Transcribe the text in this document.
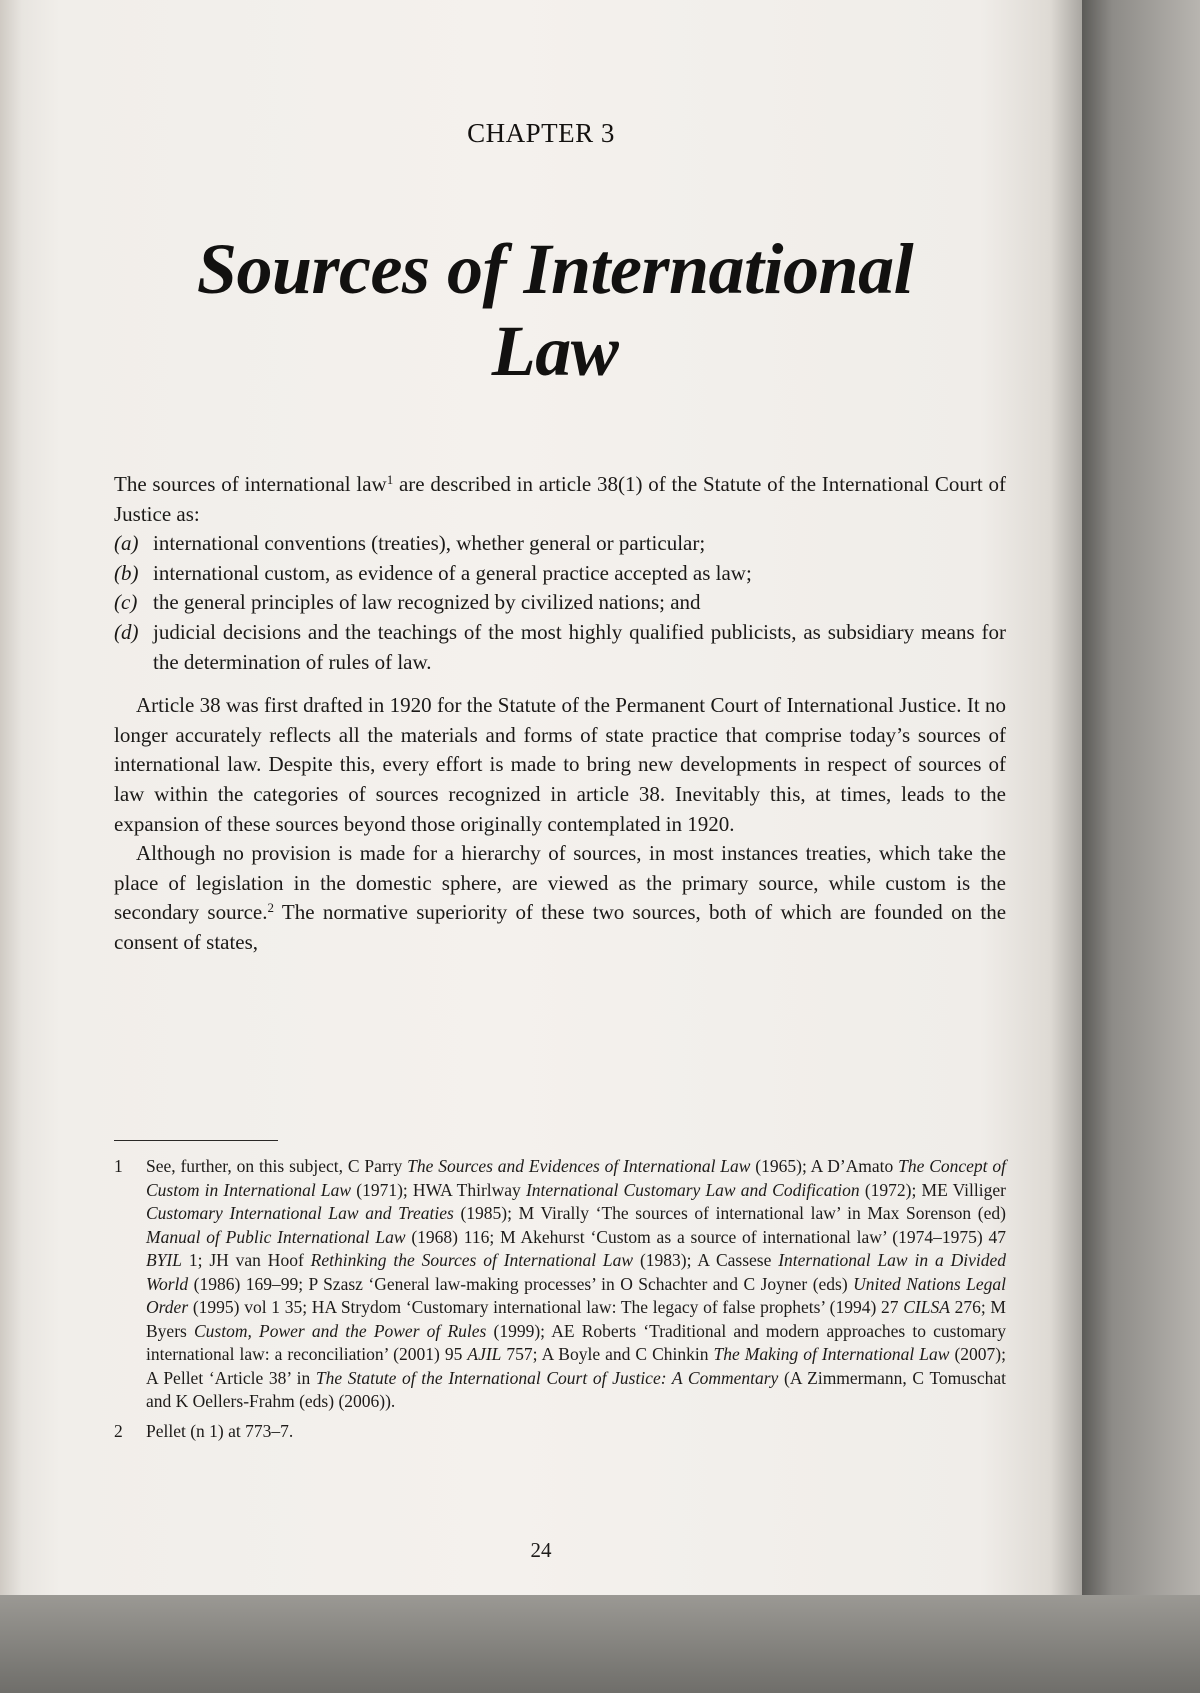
CHAPTER 3
Sources of International Law

The sources of international law$^1$ are described in article 38(1) of the Statute of the International Court of Justice as:

(a) international conventions (treaties), whether general or particular;
(b) international custom, as evidence of a general practice accepted as law;
(c) the general principles of law recognized by civilized nations; and
(d) judicial decisions and the teachings of the most highly qualified publicists, as subsidiary means for the determination of rules of law.

Article 38 was first drafted in 1920 for the Statute of the Permanent Court of International Justice. It no longer accurately reflects all the materials and forms of state practice that comprise today’s sources of international law. Despite this, every effort is made to bring new developments in respect of sources of law within the categories of sources recognized in article 38. Inevitably this, at times, leads to the expansion of these sources beyond those originally contemplated in 1920.

Although no provision is made for a hierarchy of sources, in most instances treaties, which take the place of legislation in the domestic sphere, are viewed as the primary source, while custom is the secondary source.$^2$ The normative superiority of these two sources, both of which are founded on the consent of states,

1 See, further, on this subject, C Parry The Sources and Evidences of International Law (1965); A D’Amato The Concept of Custom in International Law (1971); HWA Thirlway International Customary Law and Codification (1972); ME Villiger Customary International Law and Treaties (1985); M Virally ‘The sources of international law’ in Max Sorenson (ed) Manual of Public International Law (1968) 116; M Akehurst ‘Custom as a source of international law’ (1974–1975) 47 BYIL 1; JH van Hoof Rethinking the Sources of International Law (1983); A Cassese International Law in a Divided World (1986) 169–99; P Szasz ‘General law-making processes’ in O Schachter and C Joyner (eds) United Nations Legal Order (1995) vol 1 35; HA Strydom ‘Customary international law: The legacy of false prophets’ (1994) 27 CILSA 276; M Byers Custom, Power and the Power of Rules (1999); AE Roberts ‘Traditional and modern approaches to customary international law: a reconciliation’ (2001) 95 AJIL 757; A Boyle and C Chinkin The Making of International Law (2007); A Pellet ‘Article 38’ in The Statute of the International Court of Justice: A Commentary (A Zimmermann, C Tomuschat and K Oellers-Frahm (eds) (2006)).
2 Pellet (n 1) at 773–7.
24
